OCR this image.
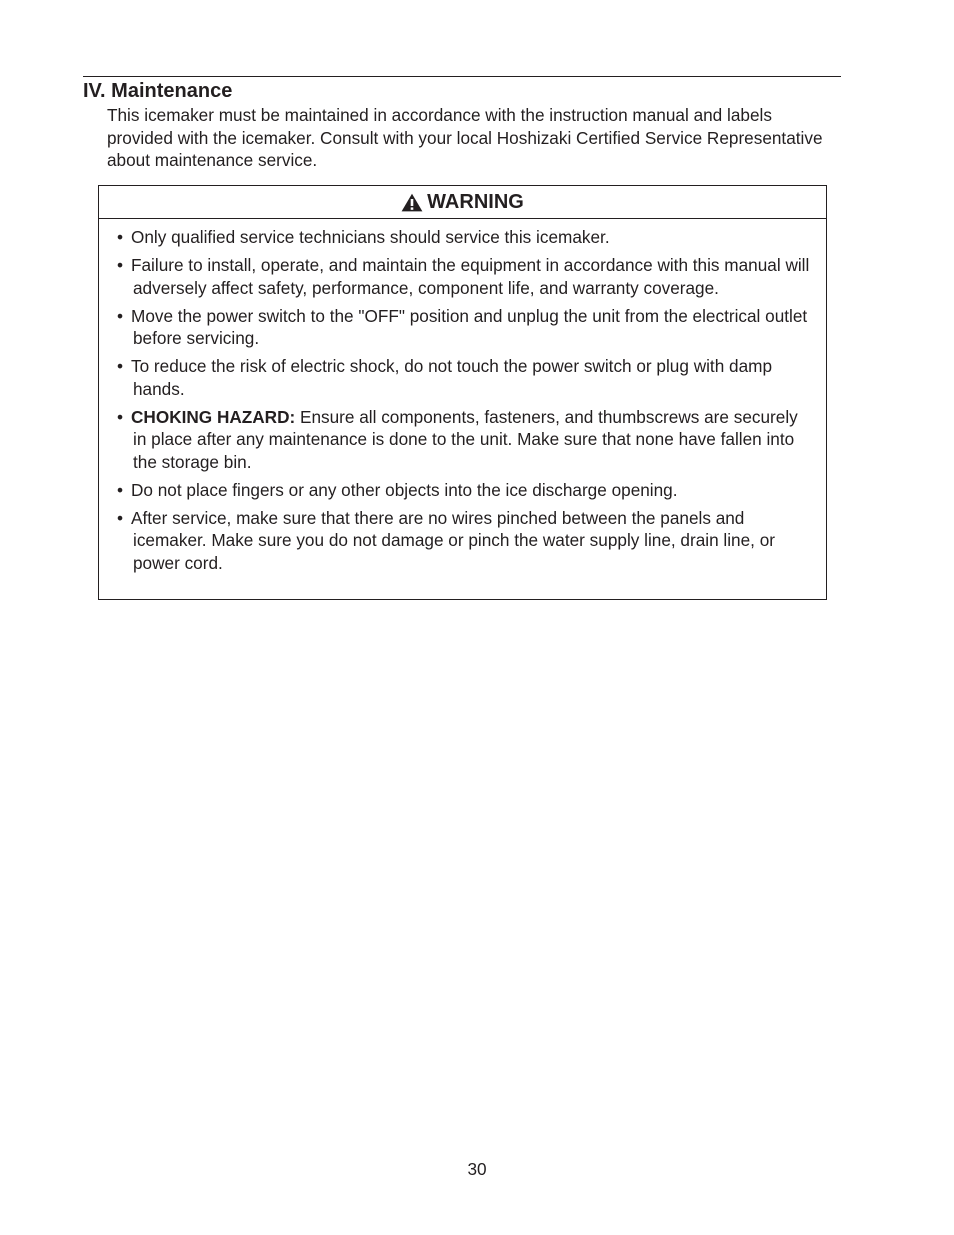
IV. Maintenance

This icemaker must be maintained in accordance with the instruction manual and labels provided with the icemaker. Consult with your local Hoshizaki Certified Service Representative about maintenance service.

WARNING
• Only qualified service technicians should service this icemaker.
• Failure to install, operate, and maintain the equipment in accordance with this manual will adversely affect safety, performance, component life, and warranty coverage.
• Move the power switch to the "OFF" position and unplug the unit from the electrical outlet before servicing.
• To reduce the risk of electric shock, do not touch the power switch or plug with damp hands.
• CHOKING HAZARD: Ensure all components, fasteners, and thumbscrews are securely in place after any maintenance is done to the unit. Make sure that none have fallen into the storage bin.
• Do not place fingers or any other objects into the ice discharge opening.
• After service, make sure that there are no wires pinched between the panels and icemaker. Make sure you do not damage or pinch the water supply line, drain line, or power cord.
30
